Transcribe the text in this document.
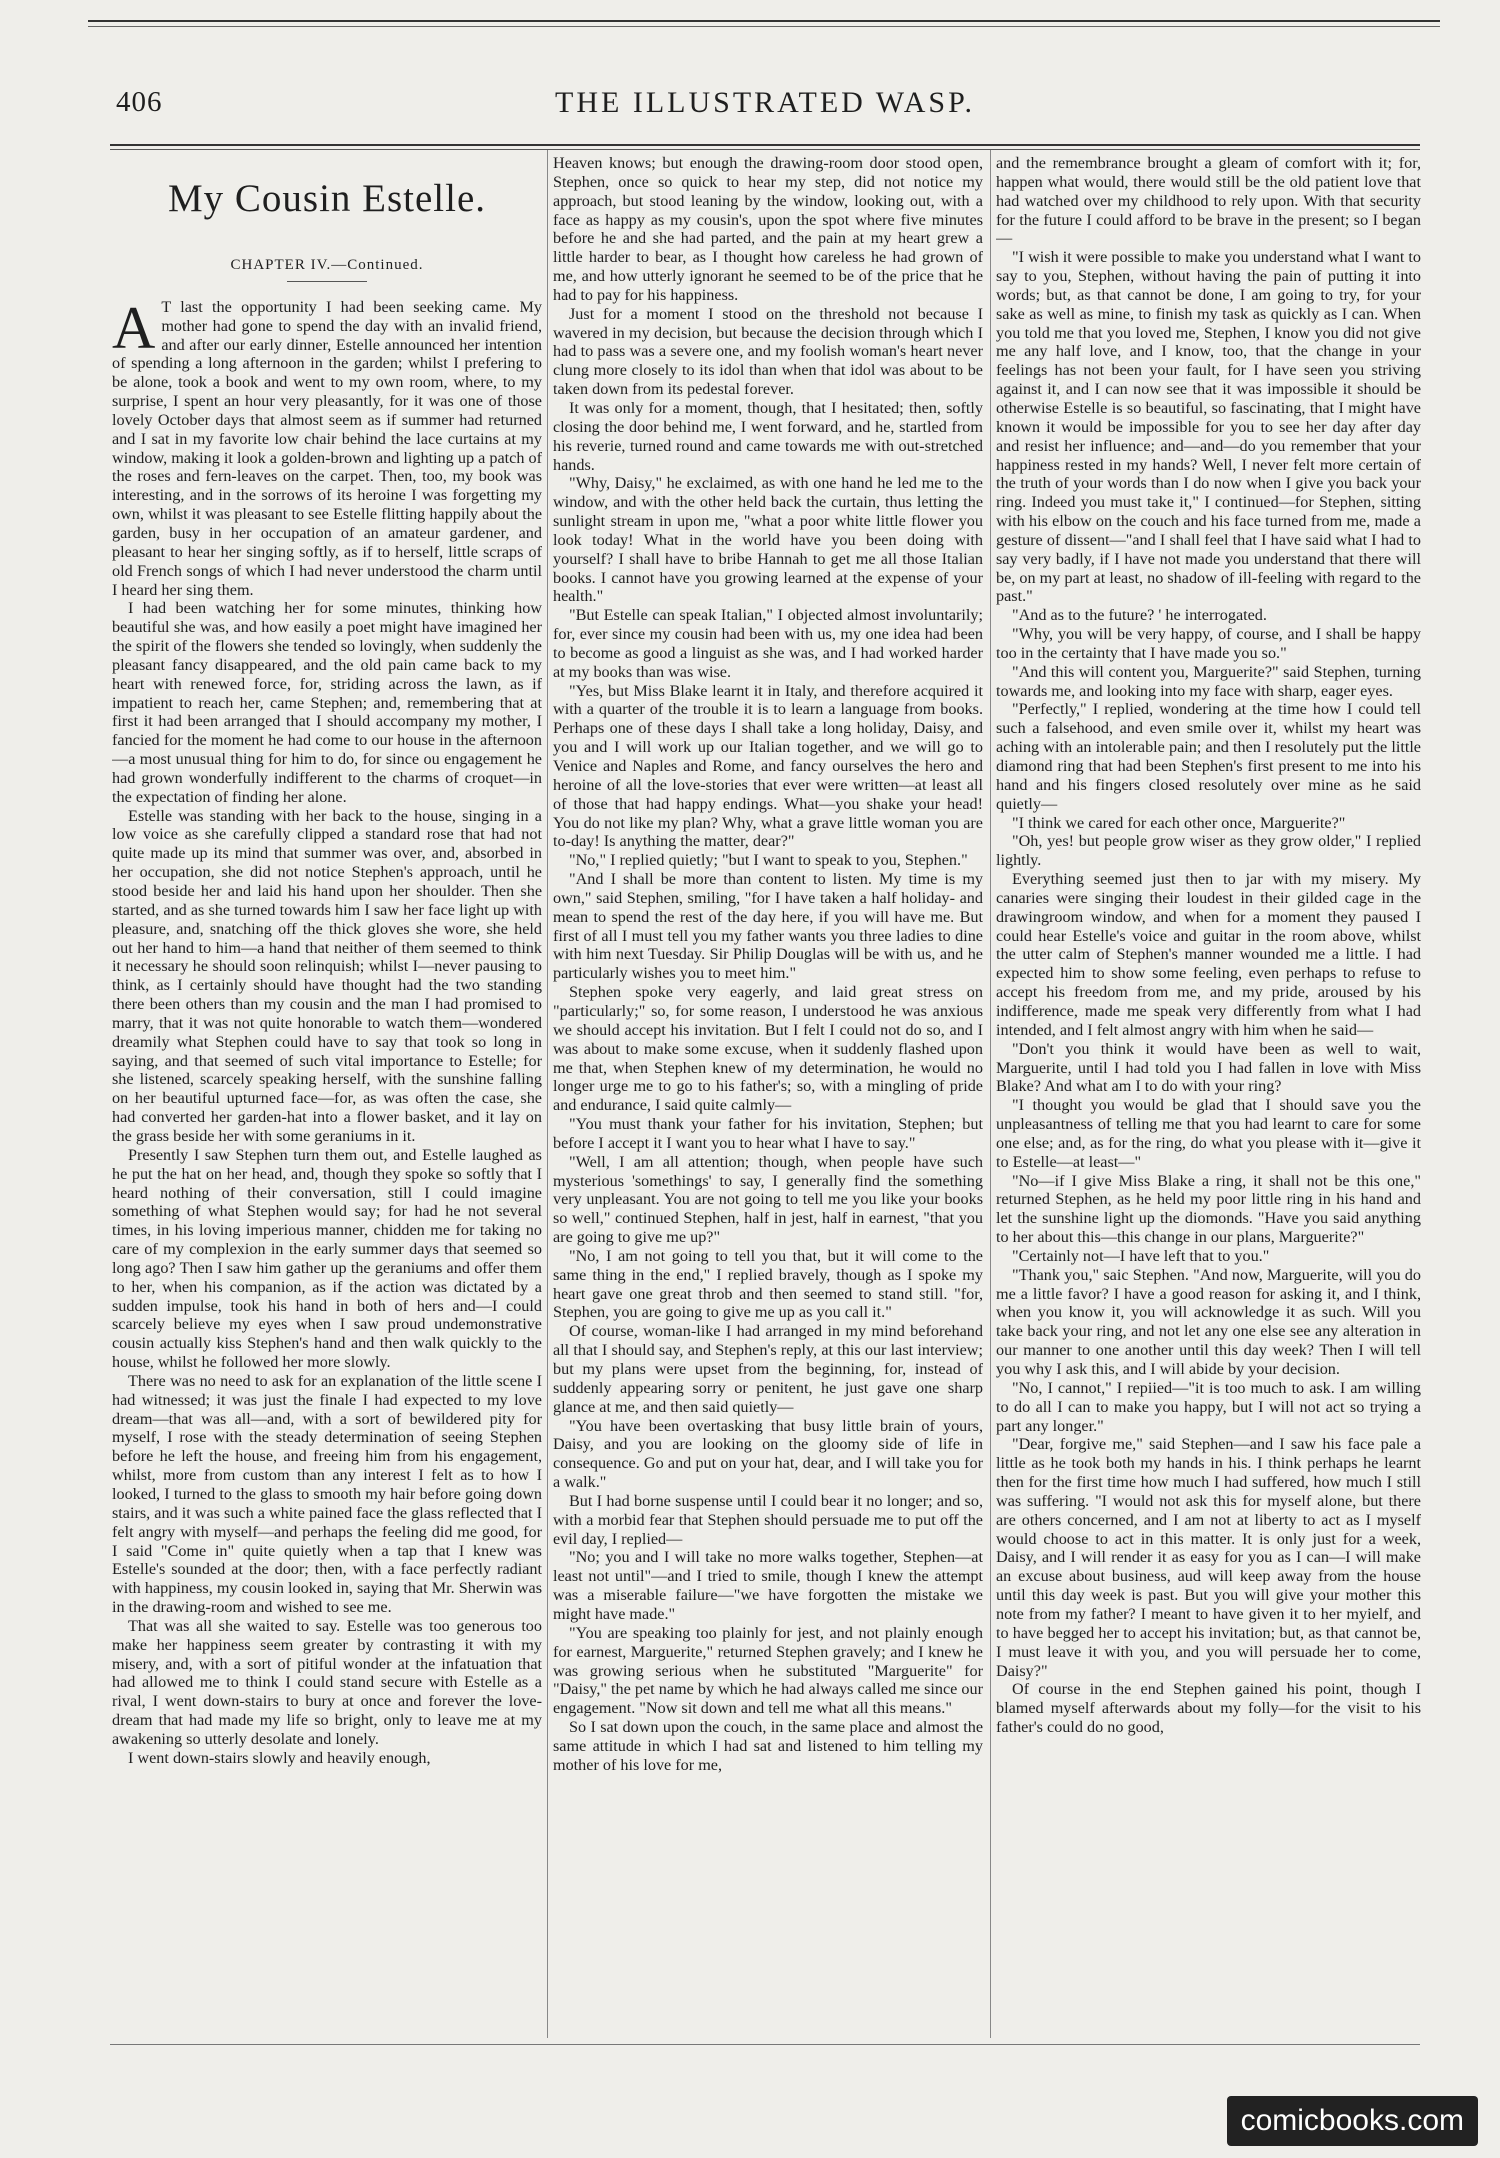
406	THE ILLUSTRATED WASP.
My Cousin Estelle.
CHAPTER IV.—Continued.

A T last the opportunity I had been seeking came. My mother had gone to spend the day with an invalid friend, and after our early dinner, Estelle announced her intention of spending a long afternoon in the garden; whilst I prefering to be alone, took a book and went to my own room, where, to my surprise, I spent an hour very pleasantly, for it was one of those lovely October days that almost seem as if summer had returned and I sat in my favorite low chair behind the lace curtains at my window, making it look a golden-brown and lighting up a patch of the roses and fern-leaves on the carpet. Then, too, my book was interesting, and in the sorrows of its heroine I was forgetting my own, whilst it was pleasant to see Estelle flitting happily about the garden, busy in her occupation of an amateur gardener, and pleasant to hear her singing softly, as if to herself, little scraps of old French songs of which I had never understood the charm until I heard her sing them.

I had been watching her for some minutes, thinking how beautiful she was, and how easily a poet might have imagined her the spirit of the flowers she tended so lovingly, when suddenly the pleasant fancy disappeared, and the old pain came back to my heart with renewed force, for, striding across the lawn, as if impatient to reach her, came Stephen; and, remembering that at first it had been arranged that I should accompany my mother, I fancied for the moment he had come to our house in the afternoon—a most unusual thing for him to do, for since ou engagement he had grown wonderfully indifferent to the charms of croquet—in the expectation of finding her alone.

Estelle was standing with her back to the house, singing in a low voice as she carefully clipped a standard rose that had not quite made up its mind that summer was over, and, absorbed in her occupation, she did not notice Stephen's approach, until he stood beside her and laid his hand upon her shoulder. Then she started, and as she turned towards him I saw her face light up with pleasure, and, snatching off the thick gloves she wore, she held out her hand to him—a hand that neither of them seemed to think it necessary he should soon relinquish; whilst I—never pausing to think, as I certainly should have thought had the two standing there been others than my cousin and the man I had promised to marry, that it was not quite honorable to watch them—wondered dreamily what Stephen could have to say that took so long in saying, and that seemed of such vital importance to Estelle; for she listened, scarcely speaking herself, with the sunshine falling on her beautiful upturned face—for, as was often the case, she had converted her garden-hat into a flower basket, and it lay on the grass beside her with some geraniums in it.

Presently I saw Stephen turn them out, and Estelle laughed as he put the hat on her head, and, though they spoke so softly that I heard nothing of their conversation, still I could imagine something of what Stephen would say; for had he not several times, in his loving imperious manner, chidden me for taking no care of my complexion in the early summer days that seemed so long ago? Then I saw him gather up the geraniums and offer them to her, when his companion, as if the action was dictated by a sudden impulse, took his hand in both of hers and—I could scarcely believe my eyes when I saw proud undemonstrative cousin actually kiss Stephen's hand and then walk quickly to the house, whilst he followed her more slowly.

There was no need to ask for an explanation of the little scene I had witnessed; it was just the finale I had expected to my love dream—that was all—and, with a sort of bewildered pity for myself, I rose with the steady determination of seeing Stephen before he left the house, and freeing him from his engagement, whilst, more from custom than any interest I felt as to how I looked, I turned to the glass to smooth my hair before going down stairs, and it was such a white pained face the glass reflected that I felt angry with myself—and perhaps the feeling did me good, for I said "Come in" quite quietly when a tap that I knew was Estelle's sounded at the door; then, with a face perfectly radiant with happiness, my cousin looked in, saying that Mr. Sherwin was in the drawing-room and wished to see me.

That was all she waited to say. Estelle was too generous too make her happiness seem greater by contrasting it with my misery, and, with a sort of pitiful wonder at the infatuation that had allowed me to think I could stand secure with Estelle as a rival, I went down-stairs to bury at once and forever the love-dream that had made my life so bright, only to leave me at my awakening so utterly desolate and lonely.

I went down-stairs slowly and heavily enough,

Heaven knows; but enough the drawing-room door stood open, Stephen, once so quick to hear my step, did not notice my approach, but stood leaning by the window, looking out, with a face as happy as my cousin's, upon the spot where five minutes before he and she had parted, and the pain at my heart grew a little harder to bear, as I thought how careless he had grown of me, and how utterly ignorant he seemed to be of the price that he had to pay for his happiness.

Just for a moment I stood on the threshold not because I wavered in my decision, but because the decision through which I had to pass was a severe one, and my foolish woman's heart never clung more closely to its idol than when that idol was about to be taken down from its pedestal forever.

It was only for a moment, though, that I hesitated; then, softly closing the door behind me, I went forward, and he, startled from his reverie, turned round and came towards me with out-stretched hands.

"Why, Daisy," he exclaimed, as with one hand he led me to the window, and with the other held back the curtain, thus letting the sunlight stream in upon me, "what a poor white little flower you look today! What in the world have you been doing with yourself? I shall have to bribe Hannah to get me all those Italian books. I cannot have you growing learned at the expense of your health."

"But Estelle can speak Italian," I objected almost involuntarily; for, ever since my cousin had been with us, my one idea had been to become as good a linguist as she was, and I had worked harder at my books than was wise.

"Yes, but Miss Blake learnt it in Italy, and therefore acquired it with a quarter of the trouble it is to learn a language from books. Perhaps one of these days I shall take a long holiday, Daisy, and you and I will work up our Italian together, and we will go to Venice and Naples and Rome, and fancy ourselves the hero and heroine of all the love-stories that ever were written—at least all of those that had happy endings. What—you shake your head! You do not like my plan? Why, what a grave little woman you are to-day! Is anything the matter, dear?"

"No," I replied quietly; "but I want to speak to you, Stephen."

"And I shall be more than content to listen. My time is my own," said Stephen, smiling, "for I have taken a half holiday- and mean to spend the rest of the day here, if you will have me. But first of all I must tell you my father wants you three ladies to dine with him next Tuesday. Sir Philip Douglas will be with us, and he particularly wishes you to meet him."

Stephen spoke very eagerly, and laid great stress on "particularly;" so, for some reason, I understood he was anxious we should accept his invitation. But I felt I could not do so, and I was about to make some excuse, when it suddenly flashed upon me that, when Stephen knew of my determination, he would no longer urge me to go to his father's; so, with a mingling of pride and endurance, I said quite calmly—

"You must thank your father for his invitation, Stephen; but before I accept it I want you to hear what I have to say."

"Well, I am all attention; though, when people have such mysterious 'somethings' to say, I generally find the something very unpleasant. You are not going to tell me you like your books so well," continued Stephen, half in jest, half in earnest, "that you are going to give me up?"

"No, I am not going to tell you that, but it will come to the same thing in the end," I replied bravely, though as I spoke my heart gave one great throb and then seemed to stand still. "for, Stephen, you are going to give me up as you call it."

Of course, woman-like I had arranged in my mind beforehand all that I should say, and Stephen's reply, at this our last interview; but my plans were upset from the beginning, for, instead of suddenly appearing sorry or penitent, he just gave one sharp glance at me, and then said quietly—

"You have been overtasking that busy little brain of yours, Daisy, and you are looking on the gloomy side of life in consequence. Go and put on your hat, dear, and I will take you for a walk."

But I had borne suspense until I could bear it no longer; and so, with a morbid fear that Stephen should persuade me to put off the evil day, I replied—

"No; you and I will take no more walks together, Stephen—at least not until"—and I tried to smile, though I knew the attempt was a miserable failure—"we have forgotten the mistake we might have made."

"You are speaking too plainly for jest, and not plainly enough for earnest, Marguerite," returned Stephen gravely; and I knew he was growing serious when he substituted "Marguerite" for "Daisy," the pet name by which he had always called me since our engagement. "Now sit down and tell me what all this means."

So I sat down upon the couch, in the same place and almost the same attitude in which I had sat and listened to him telling my mother of his love for me,

and the remembrance brought a gleam of comfort with it; for, happen what would, there would still be the old patient love that had watched over my childhood to rely upon. With that security for the future I could afford to be brave in the present; so I began—

"I wish it were possible to make you understand what I want to say to you, Stephen, without having the pain of putting it into words; but, as that cannot be done, I am going to try, for your sake as well as mine, to finish my task as quickly as I can. When you told me that you loved me, Stephen, I know you did not give me any half love, and I know, too, that the change in your feelings has not been your fault, for I have seen you striving against it, and I can now see that it was impossible it should be otherwise Estelle is so beautiful, so fascinating, that I might have known it would be impossible for you to see her day after day and resist her influence; and—and—do you remember that your happiness rested in my hands? Well, I never felt more certain of the truth of your words than I do now when I give you back your ring. Indeed you must take it," I continued—for Stephen, sitting with his elbow on the couch and his face turned from me, made a gesture of dissent—"and I shall feel that I have said what I had to say very badly, if I have not made you understand that there will be, on my part at least, no shadow of ill-feeling with regard to the past."

"And as to the future? ' he interrogated.

"Why, you will be very happy, of course, and I shall be happy too in the certainty that I have made you so."

"And this will content you, Marguerite?" said Stephen, turning towards me, and looking into my face with sharp, eager eyes.

"Perfectly," I replied, wondering at the time how I could tell such a falsehood, and even smile over it, whilst my heart was aching with an intolerable pain; and then I resolutely put the little diamond ring that had been Stephen's first present to me into his hand and his fingers closed resolutely over mine as he said quietly—

"I think we cared for each other once, Marguerite?"

"Oh, yes! but people grow wiser as they grow older," I replied lightly.

Everything seemed just then to jar with my misery. My canaries were singing their loudest in their gilded cage in the drawingroom window, and when for a moment they paused I could hear Estelle's voice and guitar in the room above, whilst the utter calm of Stephen's manner wounded me a little. I had expected him to show some feeling, even perhaps to refuse to accept his freedom from me, and my pride, aroused by his indifference, made me speak very differently from what I had intended, and I felt almost angry with him when he said—

"Don't you think it would have been as well to wait, Marguerite, until I had told you I had fallen in love with Miss Blake? And what am I to do with your ring?

"I thought you would be glad that I should save you the unpleasantness of telling me that you had learnt to care for some one else; and, as for the ring, do what you please with it—give it to Estelle—at least—"

"No—if I give Miss Blake a ring, it shall not be this one," returned Stephen, as he held my poor little ring in his hand and let the sunshine light up the diomonds. "Have you said anything to her about this—this change in our plans, Marguerite?"

"Certainly not—I have left that to you."

"Thank you," saic Stephen. "And now, Marguerite, will you do me a little favor? I have a good reason for asking it, and I think, when you know it, you will acknowledge it as such. Will you take back your ring, and not let any one else see any alteration in our manner to one another until this day week? Then I will tell you why I ask this, and I will abide by your decision.

"No, I cannot," I repiied—"it is too much to ask. I am willing to do all I can to make you happy, but I will not act so trying a part any longer."

"Dear, forgive me," said Stephen—and I saw his face pale a little as he took both my hands in his. I think perhaps he learnt then for the first time how much I had suffered, how much I still was suffering. "I would not ask this for myself alone, but there are others concerned, and I am not at liberty to act as I myself would choose to act in this matter. It is only just for a week, Daisy, and I will render it as easy for you as I can—I will make an excuse about business, aud will keep away from the house until this day week is past. But you will give your mother this note from my father? I meant to have given it to her myielf, and to have begged her to accept his invitation; but, as that cannot be, I must leave it with you, and you will persuade her to come, Daisy?"

Of course in the end Stephen gained his point, though I blamed myself afterwards about my folly—for the visit to his father's could do no good,

comicbooks.com
